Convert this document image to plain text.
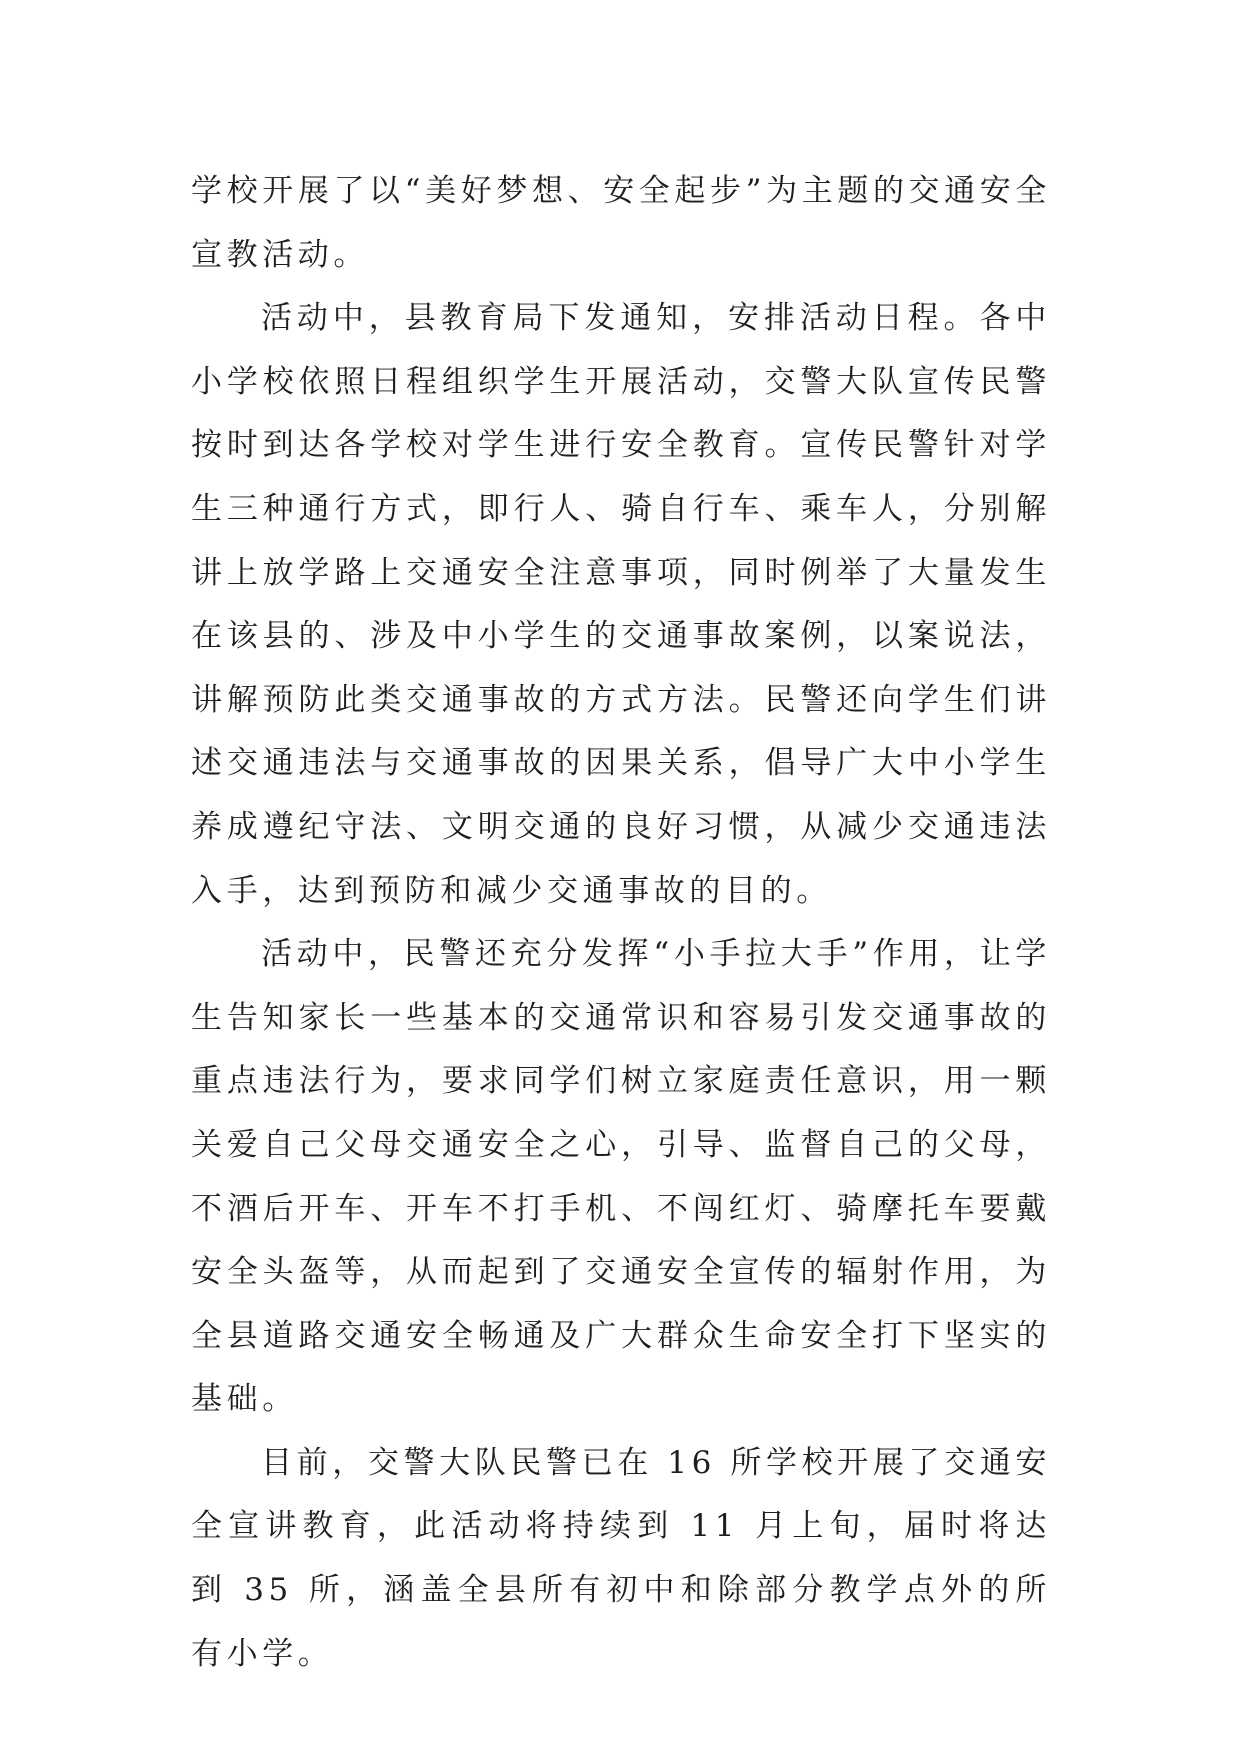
学校开展了以“美好梦想、安全起步”为主题的交通安全宣教活动。

活动中，县教育局下发通知，安排活动日程。各中小学校依照日程组织学生开展活动，交警大队宣传民警按时到达各学校对学生进行安全教育。宣传民警针对学生三种通行方式，即行人、骑自行车、乘车人，分别解讲上放学路上交通安全注意事项，同时例举了大量发生在该县的、涉及中小学生的交通事故案例，以案说法，讲解预防此类交通事故的方式方法。民警还向学生们讲述交通违法与交通事故的因果关系，倡导广大中小学生养成遵纪守法、文明交通的良好习惯，从减少交通违法入手，达到预防和减少交通事故的目的。

活动中，民警还充分发挥“小手拉大手”作用，让学生告知家长一些基本的交通常识和容易引发交通事故的重点违法行为，要求同学们树立家庭责任意识，用一颗关爱自己父母交通安全之心，引导、监督自己的父母，不酒后开车、开车不打手机、不闯红灯、骑摩托车要戴安全头盔等，从而起到了交通安全宣传的辐射作用，为全县道路交通安全畅通及广大群众生命安全打下坚实的基础。

目前，交警大队民警已在 16 所学校开展了交通安全宣讲教育，此活动将持续到 11 月上旬，届时将达到 35 所，涵盖全县所有初中和除部分教学点外的所有小学。
